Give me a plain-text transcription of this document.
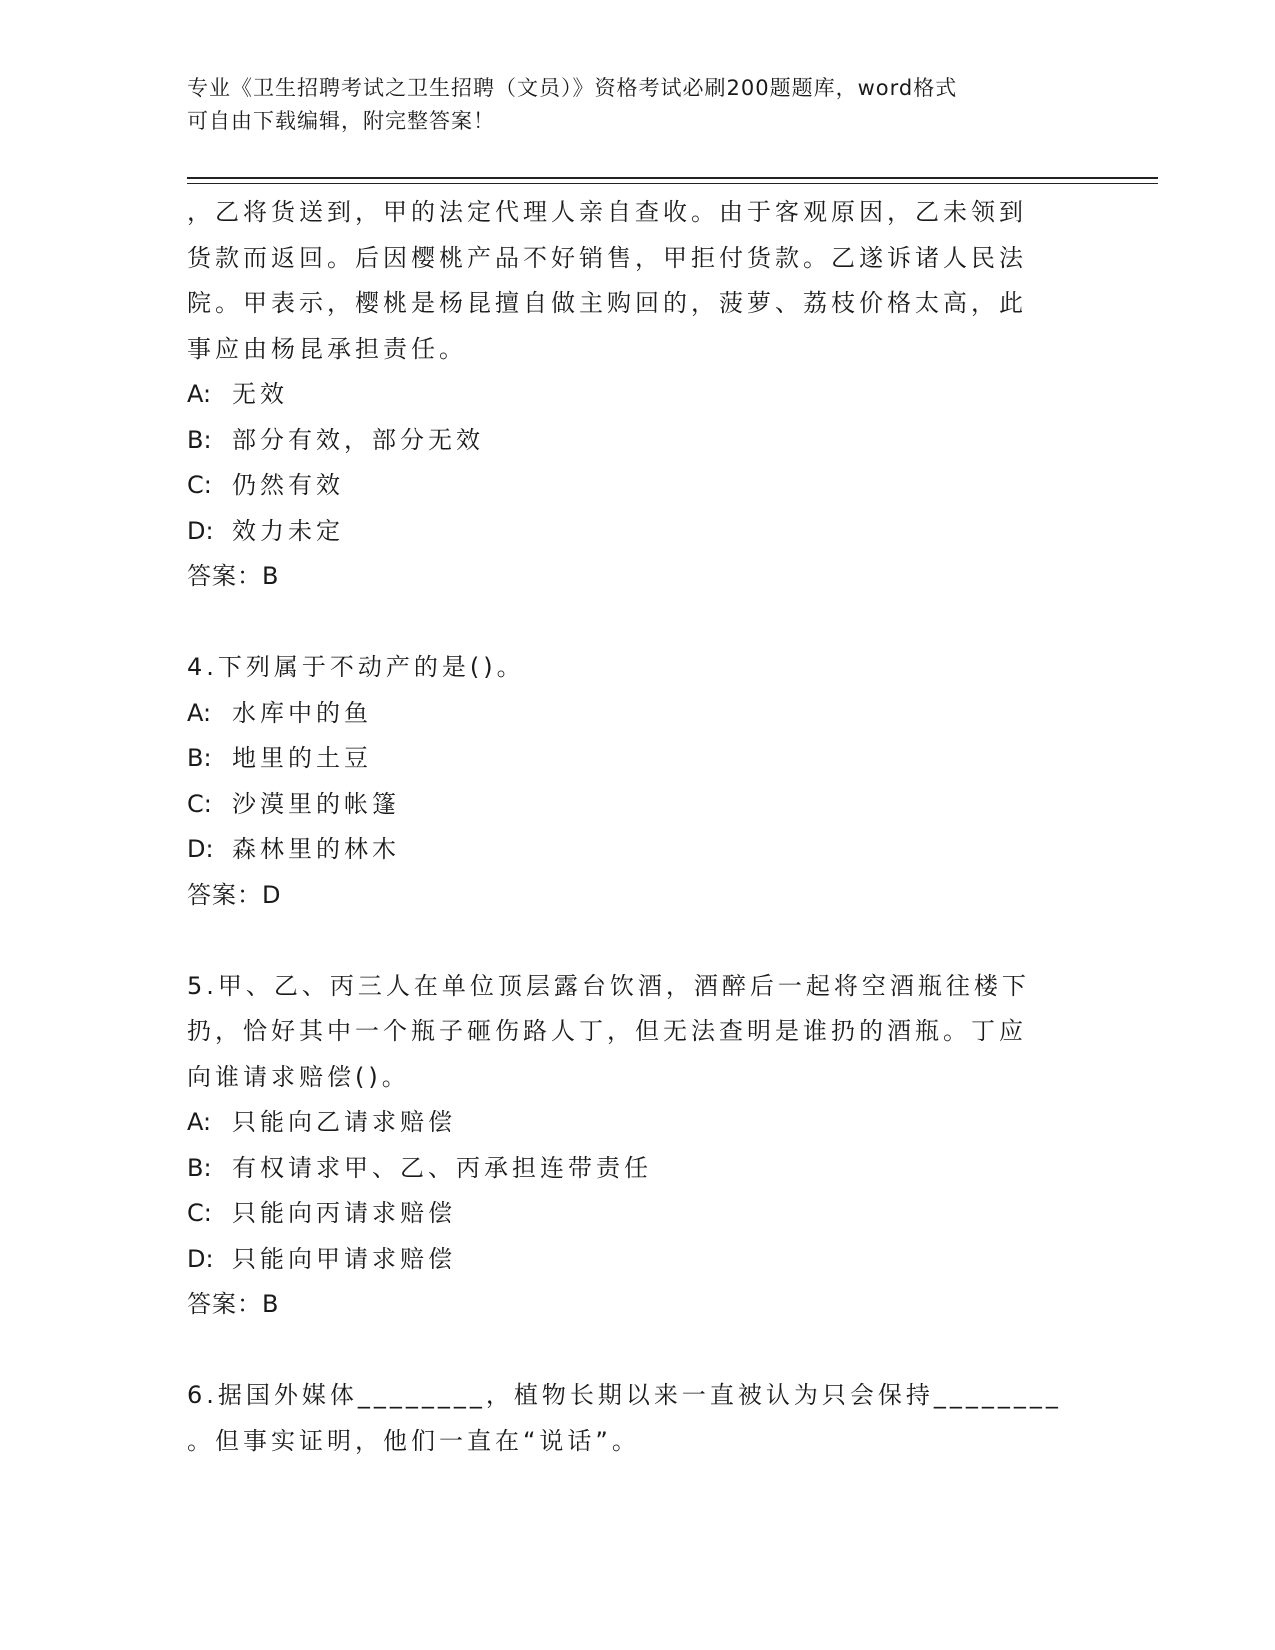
专业《卫生招聘考试之卫生招聘（文员）》资格考试必刷200题题库，word格式
可自由下载编辑，附完整答案！

，乙将货送到，甲的法定代理人亲自查收。由于客观原因，乙未领到

货款而返回。后因樱桃产品不好销售，甲拒付货款。乙遂诉诸人民法

院。甲表示，樱桃是杨昆擅自做主购回的，菠萝、荔枝价格太高，此

事应由杨昆承担责任。

A: 无效

B: 部分有效，部分无效

C: 仍然有效

D: 效力未定

答案：B

4.下列属于不动产的是()。

A: 水库中的鱼

B: 地里的土豆

C: 沙漠里的帐篷

D: 森林里的林木

答案：D

5.甲、乙、丙三人在单位顶层露台饮酒，酒醉后一起将空酒瓶往楼下

扔，恰好其中一个瓶子砸伤路人丁，但无法查明是谁扔的酒瓶。丁应

向谁请求赔偿()。

A: 只能向乙请求赔偿

B: 有权请求甲、乙、丙承担连带责任

C: 只能向丙请求赔偿

D: 只能向甲请求赔偿

答案：B

6.据国外媒体________，植物长期以来一直被认为只会保持________

。但事实证明，他们一直在“说话”。
